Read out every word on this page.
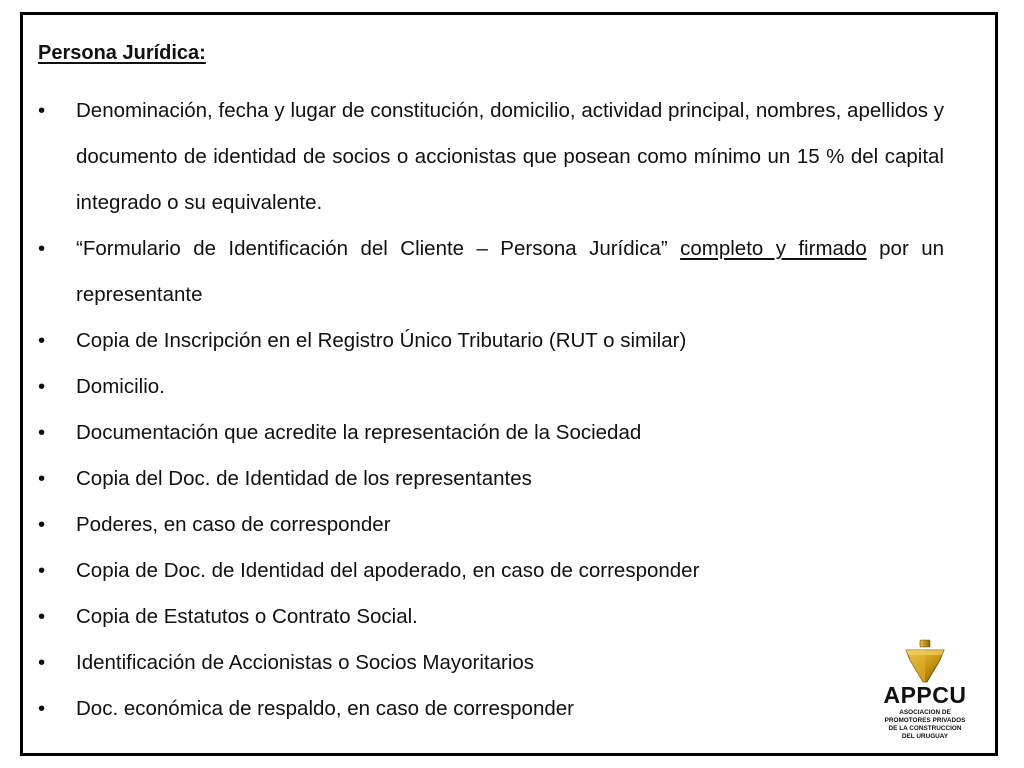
Persona Jurídica:
• Denominación, fecha y lugar de constitución, domicilio, actividad principal, nombres, apellidos y documento de identidad de socios o accionistas que posean como mínimo un 15 % del capital integrado o su equivalente.
• “Formulario de Identificación del Cliente – Persona Jurídica” completo y firmado por un representante
• Copia de Inscripción en el Registro Único Tributario (RUT o similar)
• Domicilio.
• Documentación que acredite la representación de la Sociedad
• Copia del Doc. de Identidad de los representantes
• Poderes, en caso de corresponder
• Copia de Doc. de Identidad del apoderado, en caso de corresponder
• Copia de Estatutos o Contrato Social.
• Identificación de Accionistas o Socios Mayoritarios
• Doc. económica de respaldo, en caso de corresponder
APPCU
ASOCIACION DE
PROMOTORES PRIVADOS
DE LA CONSTRUCCION
DEL URUGUAY
